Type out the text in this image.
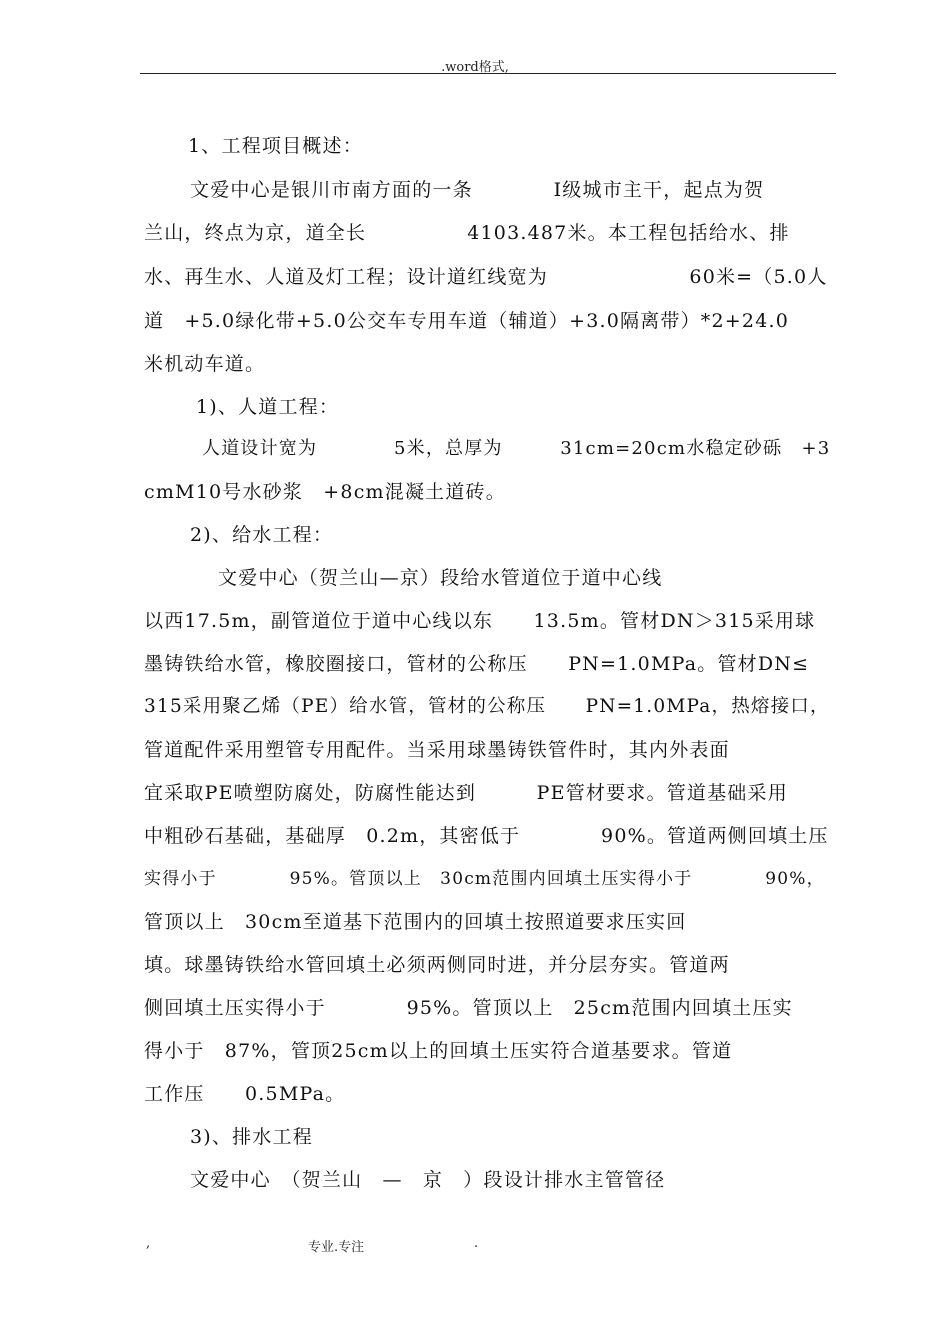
.word格式,
1、工程项目概述：
文爱中心是银川市南方面的一条　　　　Ⅰ级城市主干，起点为贺
兰山，终点为京，道全长　　　　　4103.487米。本工程包括给水、排
水、再生水、人道及灯工程；设计道红线宽为　　　　　　　60米=（5.0人
道　+5.0绿化带+5.0公交车专用车道（辅道）+3.0隔离带）*2+24.0
米机动车道。
1)、人道工程：
人道设计宽为　　　　5米，总厚为　　　31cm=20cm水稳定砂砾　+3
cmM10号水砂浆　+8cm混凝土道砖。
2)、给水工程：
文爱中心（贺兰山—京）段给水管道位于道中心线
以西17.5m，副管道位于道中心线以东　　13.5m。管材DN＞315采用球
墨铸铁给水管，橡胶圈接口，管材的公称压　　PN=1.0MPa。管材DN≤
315采用聚乙烯（PE）给水管，管材的公称压　　PN=1.0MPa，热熔接口，
管道配件采用塑管专用配件。当采用球墨铸铁管件时，其内外表面
宜采取PE喷塑防腐处，防腐性能达到　　　PE管材要求。管道基础采用
中粗砂石基础，基础厚　0.2m，其密低于　　　　90%。管道两侧回填土压
实得小于　　　　95%。管顶以上　30cm范围内回填土压实得小于　　　　90%，
管顶以上　30cm至道基下范围内的回填土按照道要求压实回
填。球墨铸铁给水管回填土必须两侧同时进，并分层夯实。管道两
侧回填土压实得小于　　　　95%。管顶以上　25cm范围内回填土压实
得小于　87%，管顶25cm以上的回填土压实符合道基要求。管道
工作压　　0.5MPa。
3)、排水工程
文爱中心　（贺兰山　—　京　）段设计排水主管管径
,	专业.专注	.
